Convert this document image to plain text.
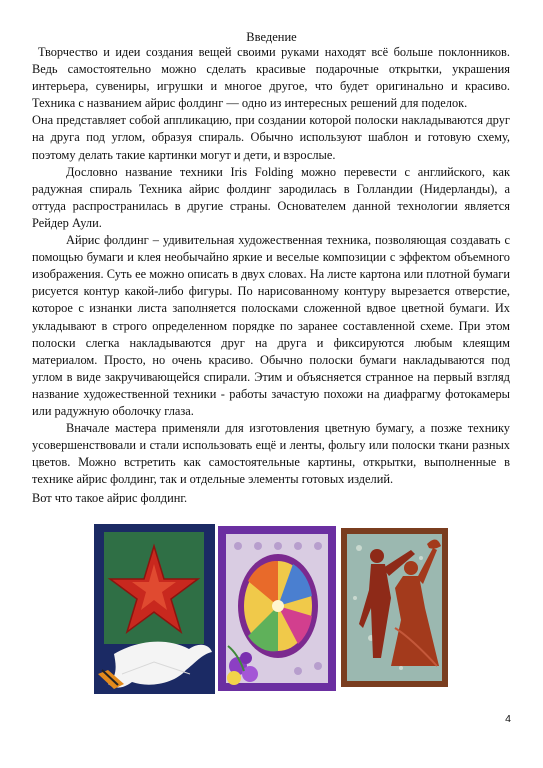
Введение

Творчество и идеи создания вещей своими руками находят всё больше поклонников. Ведь самостоятельно можно сделать красивые подарочные открытки, украшения интерьера, сувениры, игрушки и многое другое, что будет оригинально и красиво. Техника с названием айрис фолдинг — одно из интересных решений для поделок.

Она представляет собой аппликацию, при создании которой полоски накладываются друг на друга под углом, образуя спираль. Обычно используют шаблон и готовую схему, поэтому делать такие картинки могут и дети, и взрослые.

Дословно название техники Iris Folding можно перевести с английского, как радужная спираль Техника айрис фолдинг зародилась в Голландии (Нидерланды), а оттуда распространилась в другие страны. Основателем данной технологии является Рейдер Аули.

Айрис фолдинг – удивительная художественная техника, позволяющая создавать с помощью бумаги и клея необычайно яркие и веселые композиции с эффектом объемного изображения. Суть ее можно описать в двух словах. На листе картона или плотной бумаги рисуется контур какой-либо фигуры. По нарисованному контуру вырезается отверстие, которое с изнанки листа заполняется полосками сложенной вдвое цветной бумаги. Их укладывают в строго определенном порядке по заранее составленной схеме. При этом полоски слегка накладываются друг на друга и фиксируются любым клеящим материалом. Просто, но очень красиво. Обычно полоски бумаги накладываются под углом в виде закручивающейся спирали. Этим и объясняется странное на первый взгляд название художественной техники - работы зачастую похожи на диафрагму фотокамеры или радужную оболочку глаза.

Вначале мастера применяли для изготовления цветную бумагу, а позже технику усовершенствовали и стали использовать ещё и ленты, фольгу или полоски ткани разных цветов. Можно встретить как самостоятельные картины, открытки, выполненные в технике айрис фолдинг, так и отдельные элементы готовых изделий.

Вот что такое айрис фолдинг.

4
